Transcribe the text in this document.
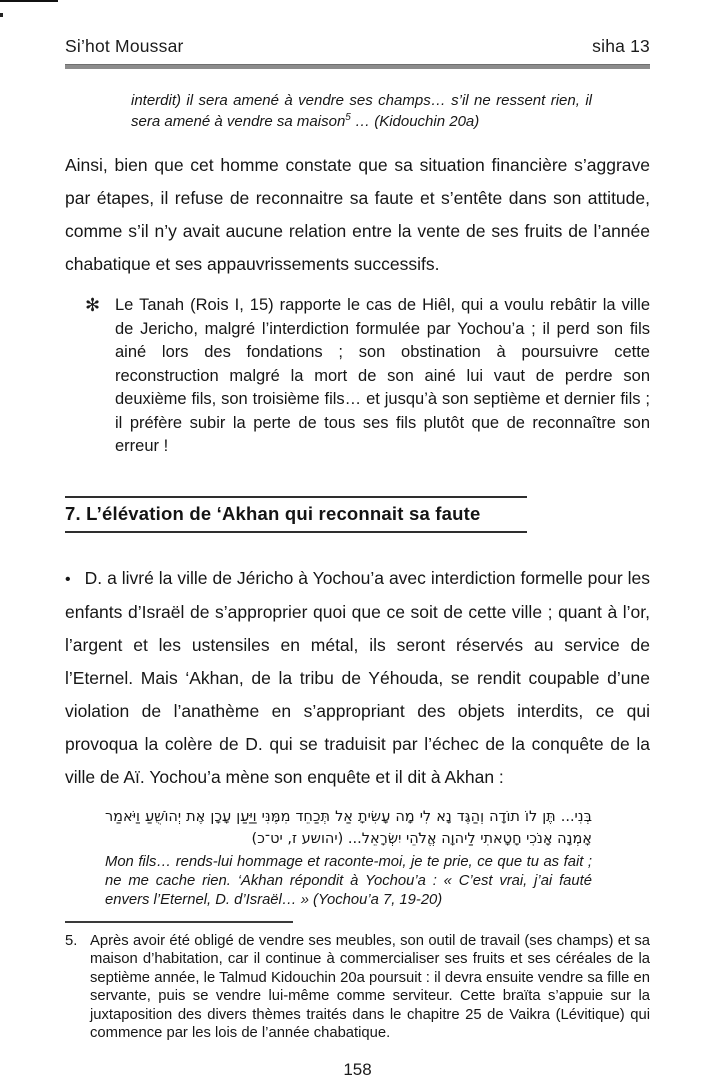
Si’hot Moussar	siha 13
interdit) il sera amené à vendre ses champs… s’il ne ressent rien, il sera amené à vendre sa maison$^5$ … (Kidouchin 20a)
Ainsi, bien que cet homme constate que sa situation financière s’aggrave par étapes, il refuse de reconnaitre sa faute et s’entête dans son attitude, comme s’il n’y avait aucune relation entre la vente de ses fruits de l’année chabatique et ses appauvrissements successifs.
✻ Le Tanah (Rois I, 15) rapporte le cas de Hiêl, qui a voulu rebâtir la ville de Jericho, malgré l’interdiction formulée par Yochou’a ; il perd son fils ainé lors des fondations ; son obstination à poursuivre cette reconstruction malgré la mort de son ainé lui vaut de perdre son deuxième fils, son troisième fils… et jusqu’à son septième et dernier fils ; il préfère subir la perte de tous ses fils plutôt que de reconnaître son erreur !
7. L’élévation de ‘Akhan qui reconnait sa faute
• D. a livré la ville de Jéricho à Yochou’a avec interdiction formelle pour les enfants d’Israël de s’approprier quoi que ce soit de cette ville ; quant à l’or, l’argent et les ustensiles en métal, ils seront réservés au service de l’Eternel. Mais ‘Akhan, de la tribu de Yéhouda, se rendit coupable d’une violation de l’anathème en s’appropriant des objets interdits, ce qui provoqua la colère de D. qui se traduisit par l’échec de la conquête de la ville de Aï. Yochou’a mène son enquête et il dit à Akhan :
בְּנִי... תֶּן לוֹ תוֹדָה וְהַגֶּד נָא לִי מָה עָשִׂיתָ אַל תְּכַחֵד מִמֶּנִּי וַיַּעַן עָכָן אֶת יְהוֹשֻׁעַ וַיֹּאמַר אָמְנָה אָנֹכִי חָטָאתִי לַיהוָה אֱלֹהֵי יִשְׂרָאֵל... (יהושע ז, יט־כ)
Mon fils… rends-lui hommage et raconte-moi, je te prie, ce que tu as fait ; ne me cache rien. ‘Akhan répondit à Yochou’a : « C’est vrai, j’ai fauté envers l’Eternel, D. d’Israël… » (Yochou’a 7, 19-20)
5. Après avoir été obligé de vendre ses meubles, son outil de travail (ses champs) et sa maison d’habitation, car il continue à commercialiser ses fruits et ses céréales de la septième année, le Talmud Kidouchin 20a poursuit : il devra ensuite vendre sa fille en servante, puis se vendre lui-même comme serviteur. Cette braïta s’appuie sur la juxtaposition des divers thèmes traités dans le chapitre 25 de Vaikra (Lévitique) qui commence par les lois de l’année chabatique.
158
